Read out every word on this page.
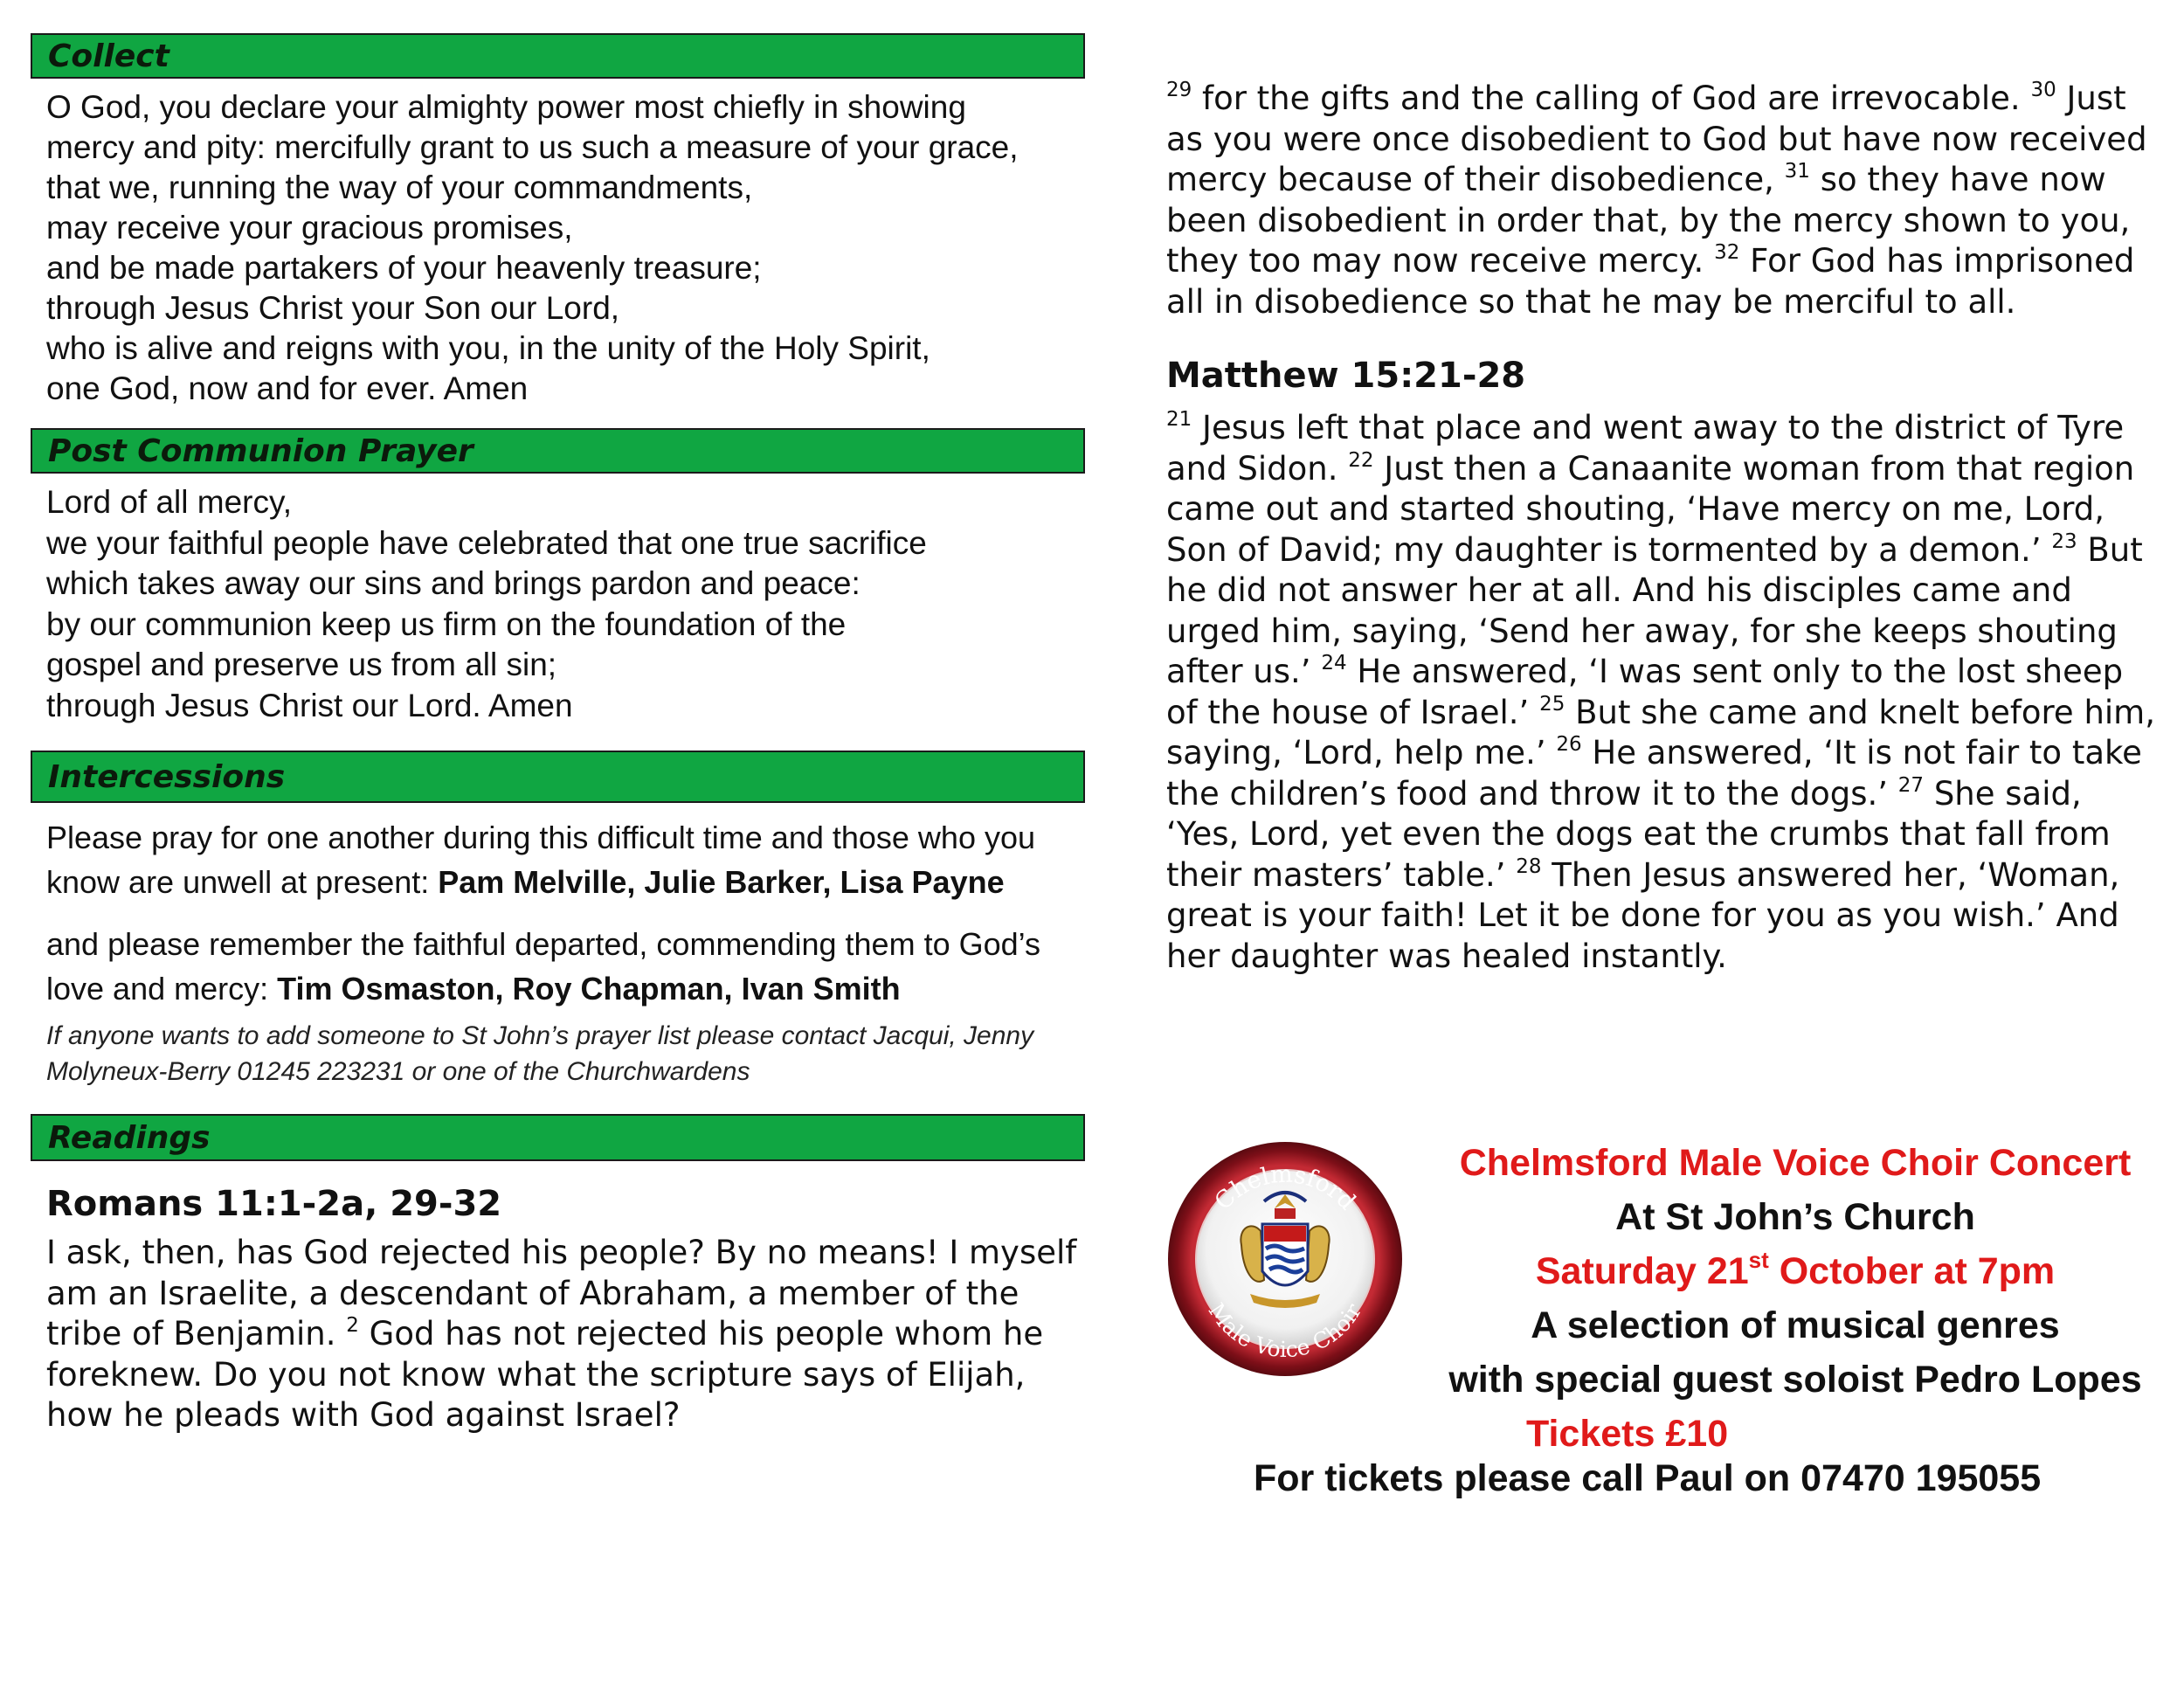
Collect
O God, you declare your almighty power most chiefly in showing
mercy and pity: mercifully grant to us such a measure of your grace,
that we, running the way of your commandments,
may receive your gracious promises,
and be made partakers of your heavenly treasure;
through Jesus Christ your Son our Lord,
who is alive and reigns with you, in the unity of the Holy Spirit,
one God, now and for ever. Amen
Post Communion Prayer
Lord of all mercy,
we your faithful people have celebrated that one true sacrifice
which takes away our sins and brings pardon and peace:
by our communion keep us firm on the foundation of the
gospel and preserve us from all sin;
through Jesus Christ our Lord. Amen
Intercessions

Please pray for one another during this difficult time and those who you know are unwell at present: Pam Melville, Julie Barker, Lisa Payne

and please remember the faithful departed, commending them to God’s love and mercy: Tim Osmaston, Roy Chapman, Ivan Smith

If anyone wants to add someone to St John’s prayer list please contact Jacqui, Jenny Molyneux-Berry 01245 223231 or one of the Churchwardens
Readings

Romans 11:1-2a, 29-32

I ask, then, has God rejected his people? By no means! I myself am an Israelite, a descendant of Abraham, a member of the tribe of Benjamin. $^2$ God has not rejected his people whom he foreknew. Do you not know what the scripture says of Elijah, how he pleads with God against Israel?

$^{29}$ for the gifts and the calling of God are irrevocable. $^{30}$ Just as you were once disobedient to God but have now received mercy because of their disobedience, $^{31}$ so they have now been disobedient in order that, by the mercy shown to you, they too may now receive mercy. $^{32}$ For God has imprisoned all in disobedience so that he may be merciful to all.

Matthew 15:21-28

$^{21}$ Jesus left that place and went away to the district of Tyre and Sidon. $^{22}$ Just then a Canaanite woman from that region came out and started shouting, ‘Have mercy on me, Lord, Son of David; my daughter is tormented by a demon.’ $^{23}$ But he did not answer her at all. And his disciples came and urged him, saying, ‘Send her away, for she keeps shouting after us.’ $^{24}$ He answered, ‘I was sent only to the lost sheep of the house of Israel.’ $^{25}$ But she came and knelt before him, saying, ‘Lord, help me.’ $^{26}$ He answered, ‘It is not fair to take the children’s food and throw it to the dogs.’ $^{27}$ She said, ‘Yes, Lord, yet even the dogs eat the crumbs that fall from their masters’ table.’ $^{28}$ Then Jesus answered her, ‘Woman, great is your faith! Let it be done for you as you wish.’ And her daughter was healed instantly.

Chelmsford
Male Voice Choir
Chelmsford Male Voice Choir Concert
At St John’s Church
Saturday 21st October at 7pm
A selection of musical genres
with special guest soloist Pedro Lopes
Tickets £10
For tickets please call Paul on 07470 195055
